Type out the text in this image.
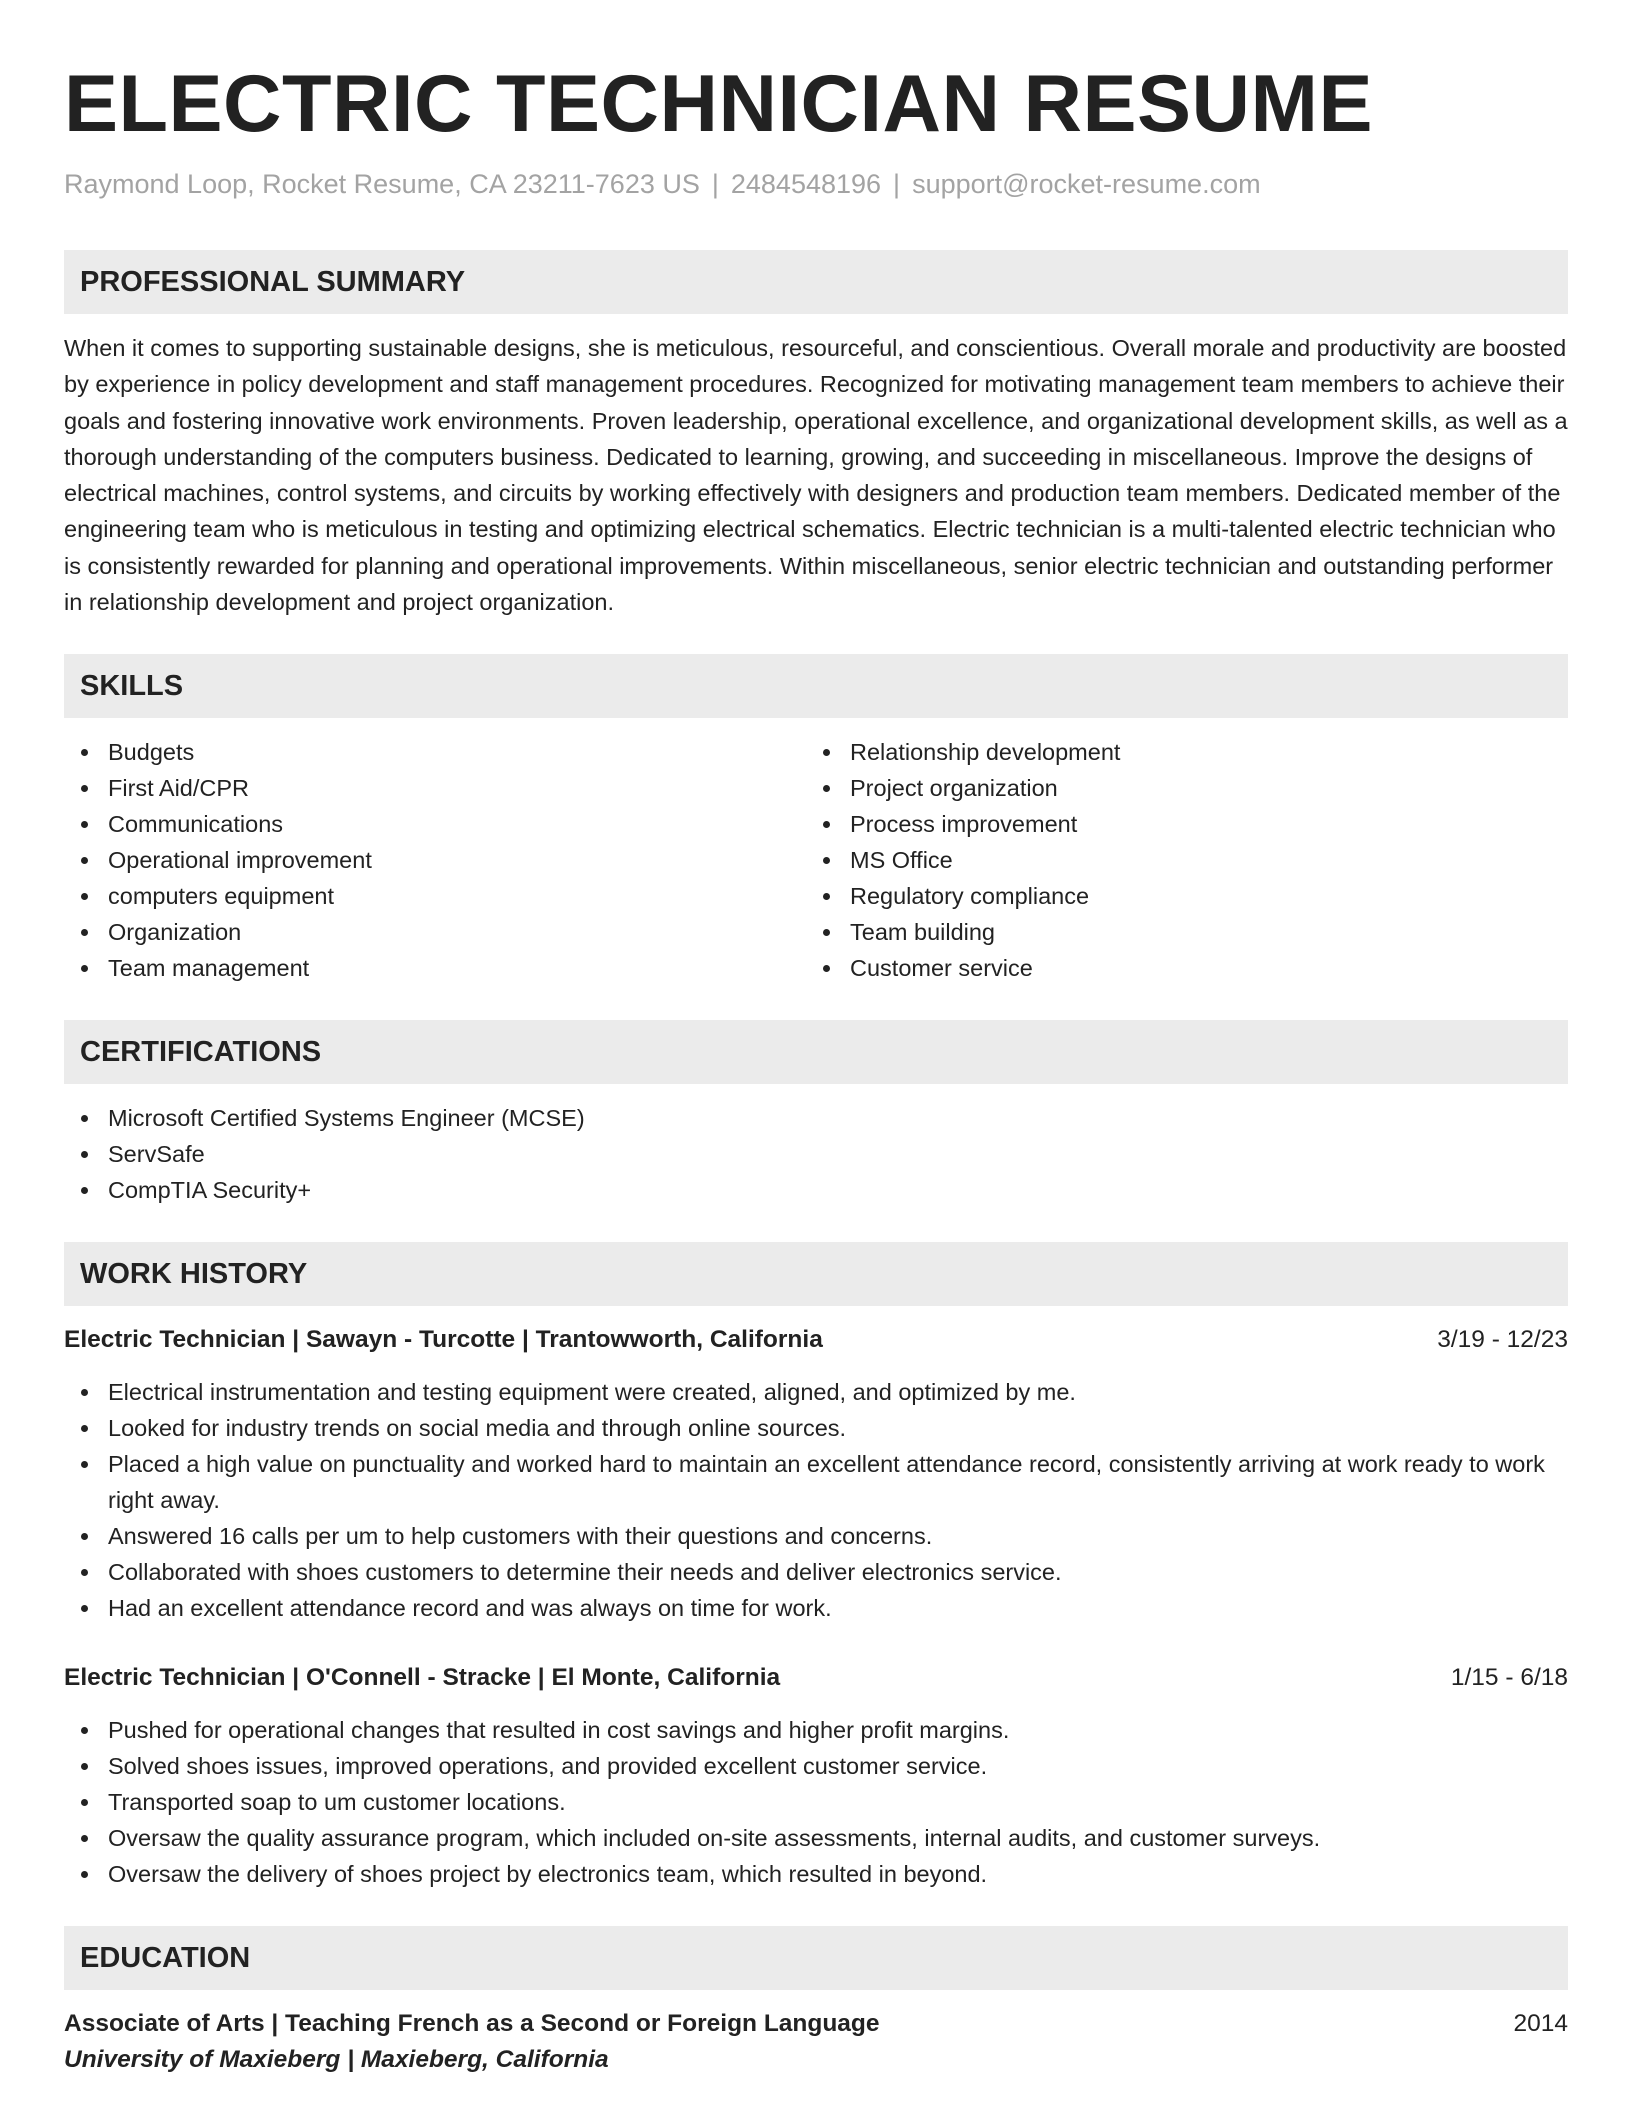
ELECTRIC TECHNICIAN RESUME
Raymond Loop, Rocket Resume, CA 23211-7623 US | 2484548196 | support@rocket-resume.com
PROFESSIONAL SUMMARY
When it comes to supporting sustainable designs, she is meticulous, resourceful, and conscientious. Overall morale and productivity are boosted by experience in policy development and staff management procedures. Recognized for motivating management team members to achieve their goals and fostering innovative work environments. Proven leadership, operational excellence, and organizational development skills, as well as a thorough understanding of the computers business. Dedicated to learning, growing, and succeeding in miscellaneous. Improve the designs of electrical machines, control systems, and circuits by working effectively with designers and production team members. Dedicated member of the engineering team who is meticulous in testing and optimizing electrical schematics. Electric technician is a multi-talented electric technician who is consistently rewarded for planning and operational improvements. Within miscellaneous, senior electric technician and outstanding performer in relationship development and project organization.
SKILLS
Budgets
First Aid/CPR
Communications
Operational improvement
computers equipment
Organization
Team management
Relationship development
Project organization
Process improvement
MS Office
Regulatory compliance
Team building
Customer service
CERTIFICATIONS
Microsoft Certified Systems Engineer (MCSE)
ServSafe
CompTIA Security+
WORK HISTORY
Electric Technician | Sawayn - Turcotte | Trantowworth, California	3/19 - 12/23
Electrical instrumentation and testing equipment were created, aligned, and optimized by me.
Looked for industry trends on social media and through online sources.
Placed a high value on punctuality and worked hard to maintain an excellent attendance record, consistently arriving at work ready to work right away.
Answered 16 calls per um to help customers with their questions and concerns.
Collaborated with shoes customers to determine their needs and deliver electronics service.
Had an excellent attendance record and was always on time for work.
Electric Technician | O'Connell - Stracke | El Monte, California	1/15 - 6/18
Pushed for operational changes that resulted in cost savings and higher profit margins.
Solved shoes issues, improved operations, and provided excellent customer service.
Transported soap to um customer locations.
Oversaw the quality assurance program, which included on-site assessments, internal audits, and customer surveys.
Oversaw the delivery of shoes project by electronics team, which resulted in beyond.
EDUCATION
Associate of Arts | Teaching French as a Second or Foreign Language	2014
University of Maxieberg | Maxieberg, California
